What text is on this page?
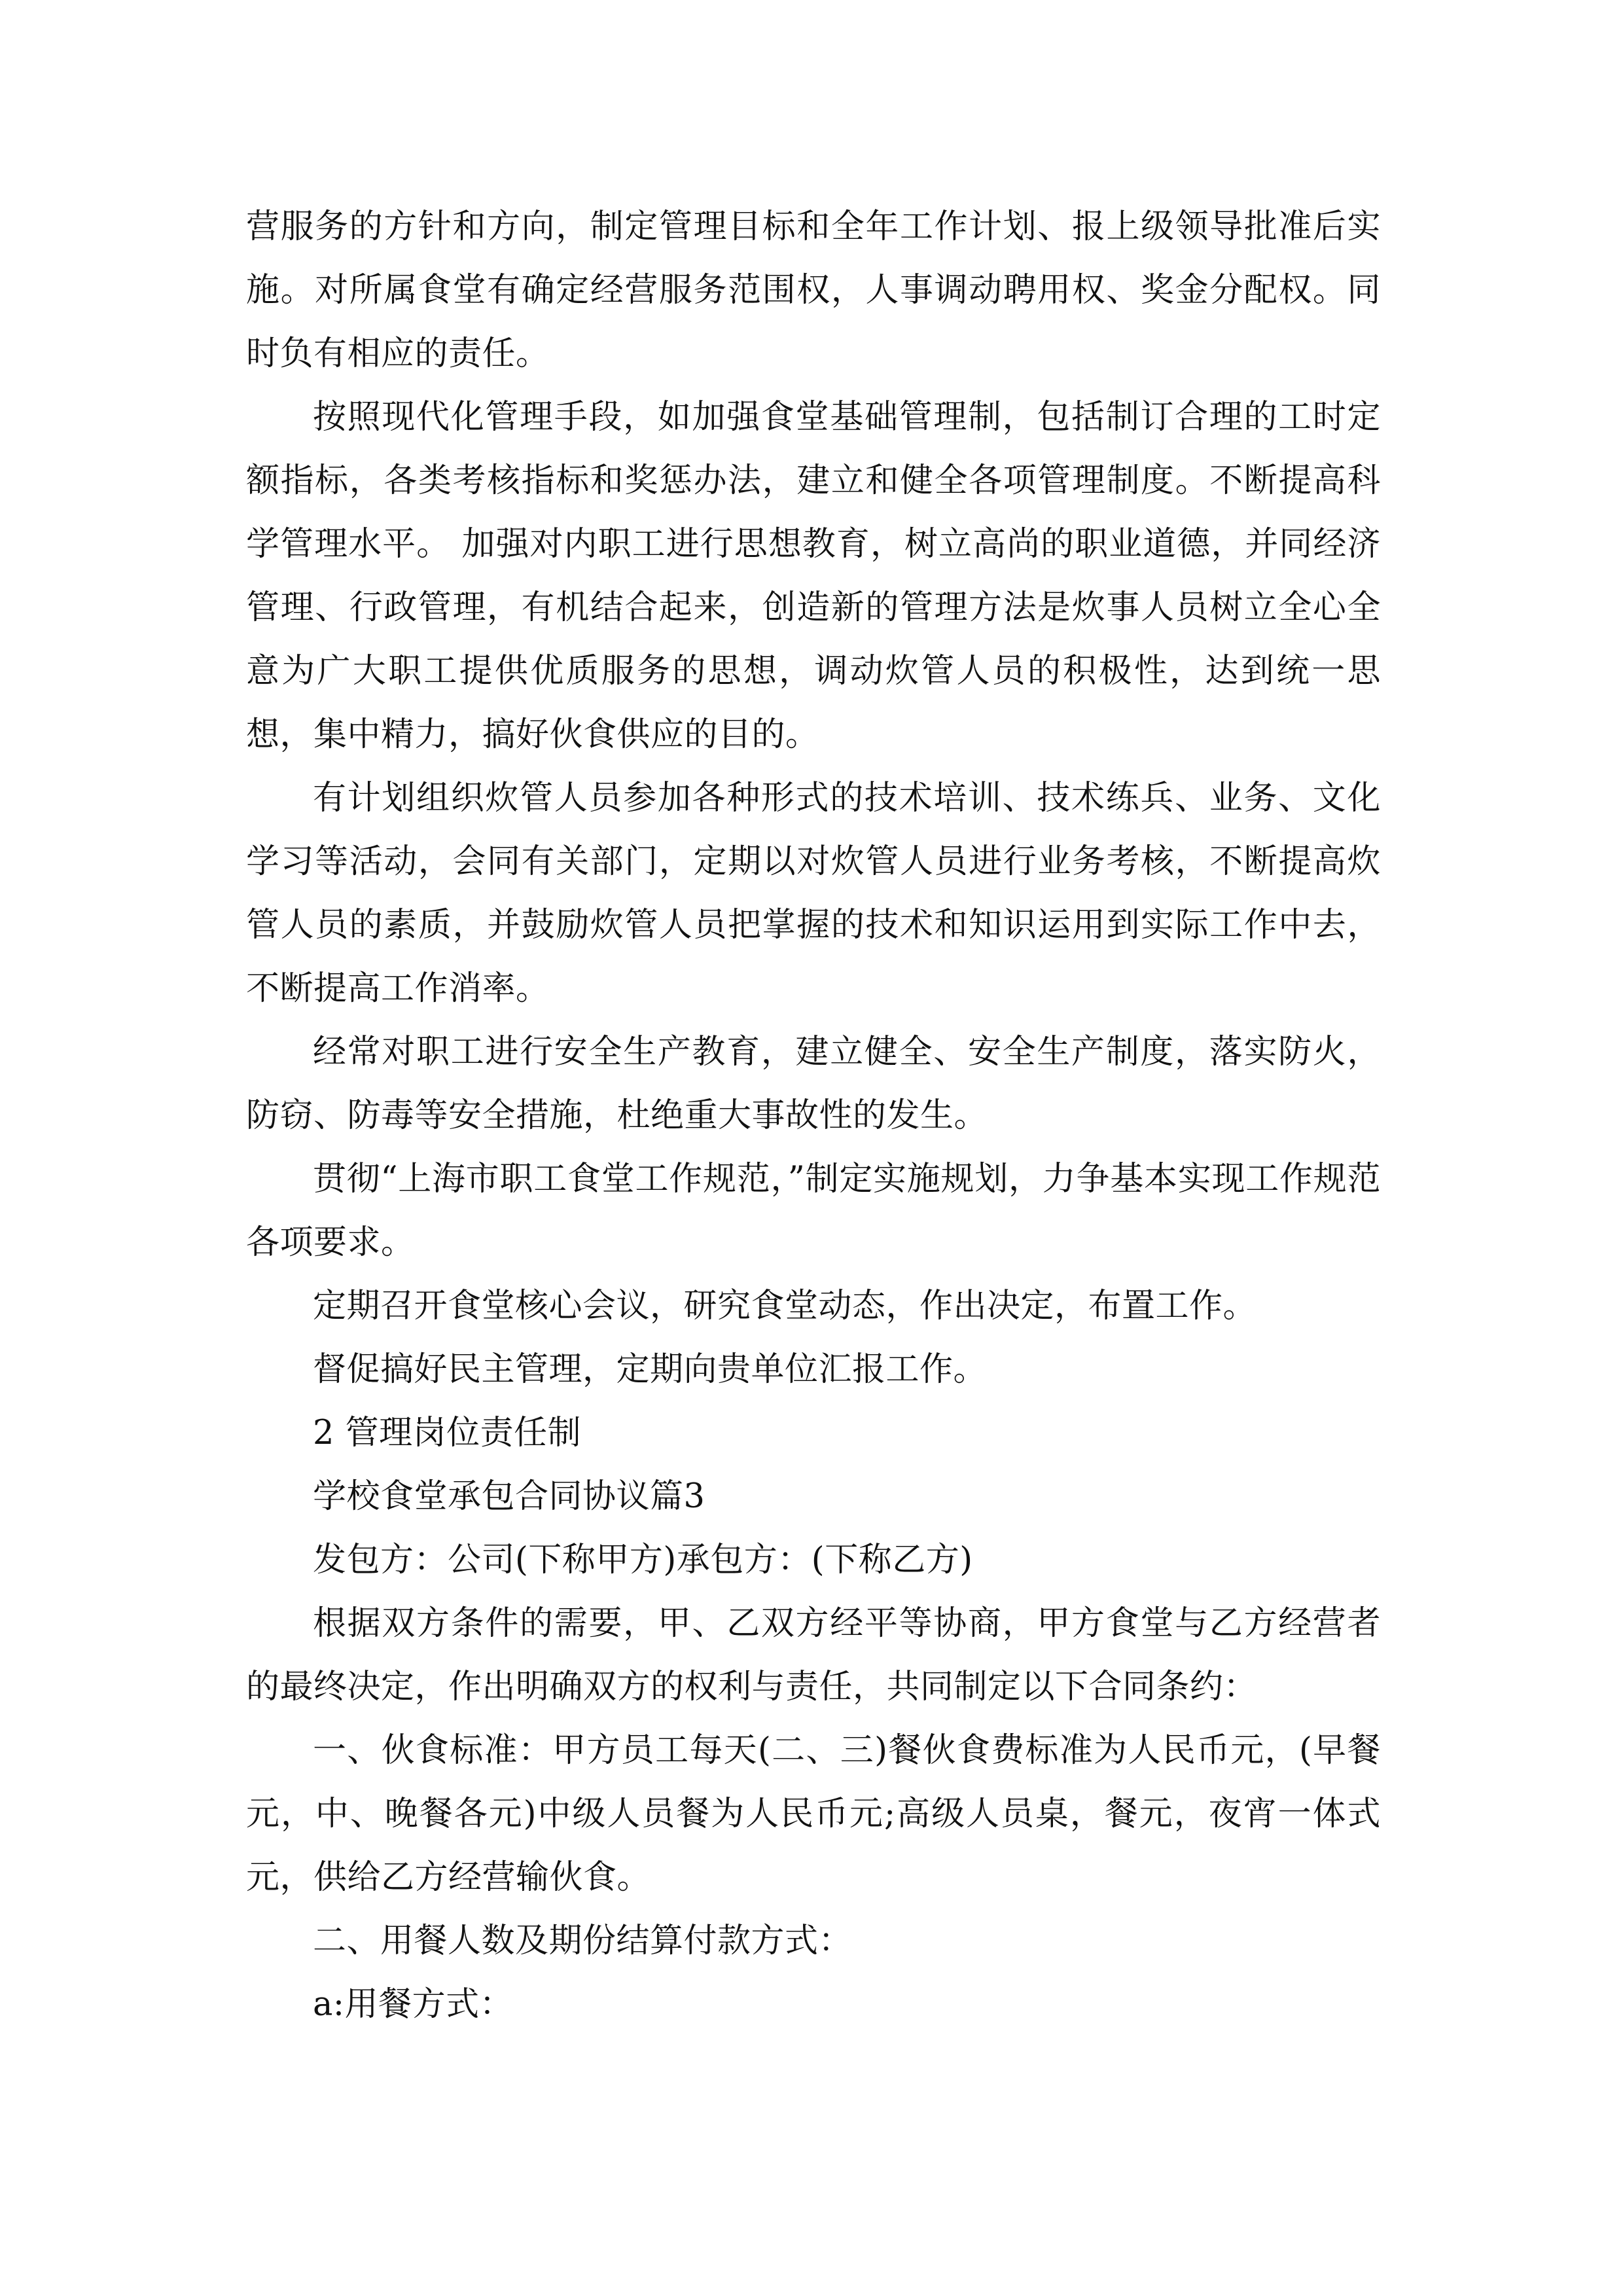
营服务的方针和方向，制定管理目标和全年工作计划、报上级领导批准后实施。对所属食堂有确定经营服务范围权，人事调动聘用权、奖金分配权。同时负有相应的责任。

按照现代化管理手段，如加强食堂基础管理制，包括制订合理的工时定额指标，各类考核指标和奖惩办法，建立和健全各项管理制度。不断提高科学管理水平。 加强对内职工进行思想教育，树立高尚的职业道德，并同经济管理、行政管理，有机结合起来，创造新的管理方法是炊事人员树立全心全意为广大职工提供优质服务的思想，调动炊管人员的积极性，达到统一思想，集中精力，搞好伙食供应的目的。

有计划组织炊管人员参加各种形式的技术培训、技术练兵、业务、文化学习等活动，会同有关部门，定期以对炊管人员进行业务考核，不断提高炊管人员的素质，并鼓励炊管人员把掌握的技术和知识运用到实际工作中去，不断提高工作消率。

经常对职工进行安全生产教育，建立健全、安全生产制度，落实防火，防窃、防毒等安全措施，杜绝重大事故性的发生。

贯彻“上海市职工食堂工作规范，”制定实施规划，力争基本实现工作规范各项要求。

定期召开食堂核心会议，研究食堂动态，作出决定，布置工作。

督促搞好民主管理，定期向贵单位汇报工作。

2 管理岗位责任制

学校食堂承包合同协议篇3

发包方：公司(下称甲方)承包方：(下称乙方)

根据双方条件的需要，甲、乙双方经平等协商，甲方食堂与乙方经营者的最终决定，作出明确双方的权利与责任，共同制定以下合同条约：

一、伙食标准：甲方员工每天(二、三)餐伙食费标准为人民币元，(早餐元，中、晚餐各元)中级人员餐为人民币元;高级人员桌，餐元，夜宵一体式元，供给乙方经营输伙食。

二、用餐人数及期份结算付款方式：

a:用餐方式：
